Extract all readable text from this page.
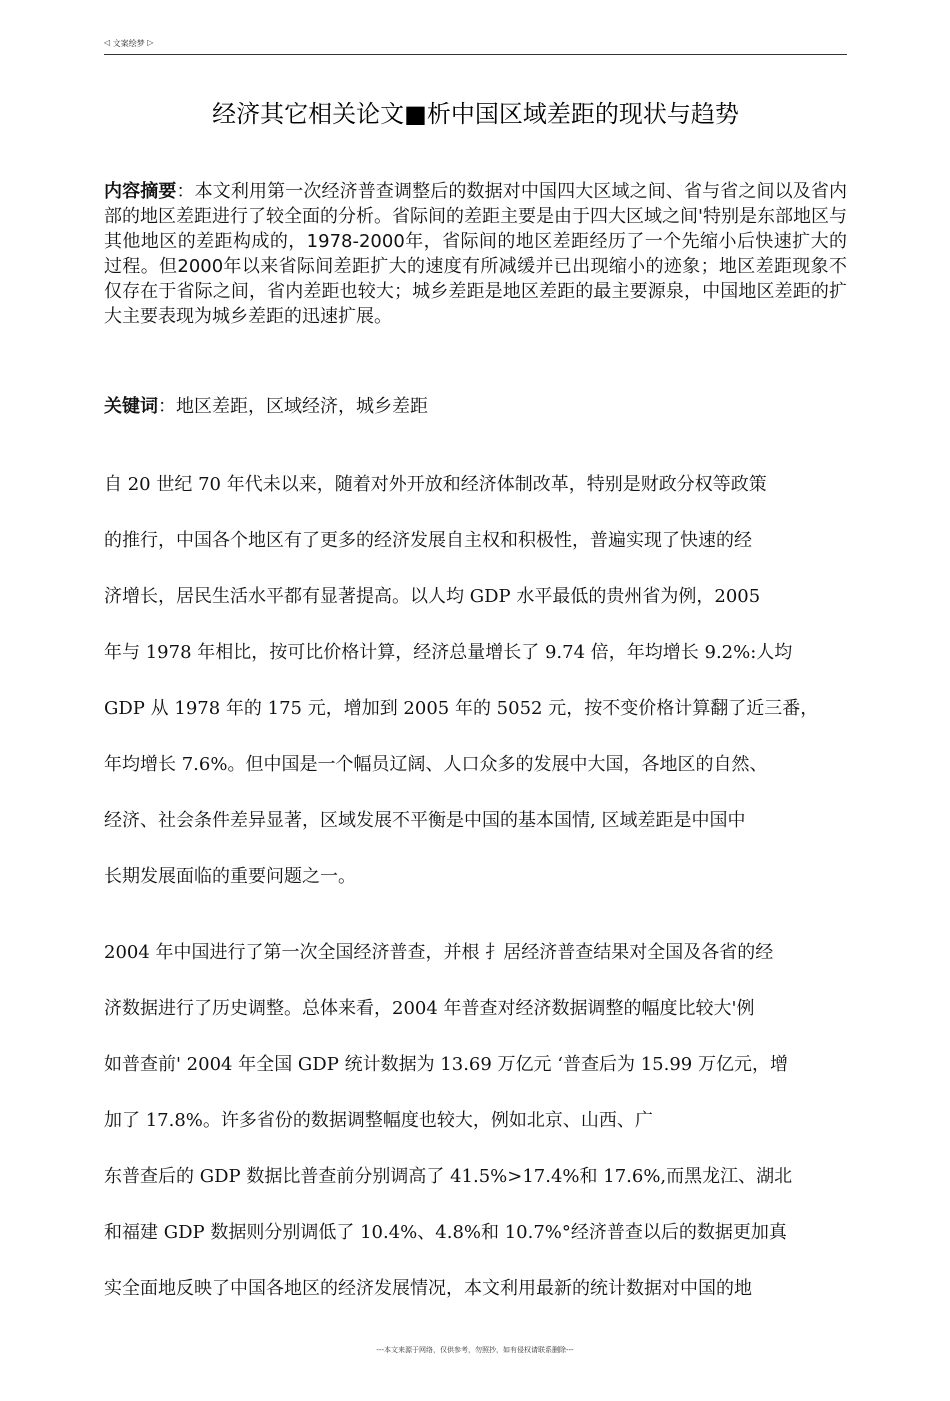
◁ 文案绘梦 ▷
经济其它相关论文■析中国区域差距的现状与趋势
内容摘要：本文利用第一次经济普查调整后的数据对中国四大区域之间、省与省之间以及省内部的地区差距进行了较全面的分析。省际间的差距主要是由于四大区域之间'特别是东部地区与其他地区的差距构成的，1978-2000年，省际间的地区差距经历了一个先缩小后快速扩大的过程。但2000年以来省际间差距扩大的速度有所减缓并已出现缩小的迹象；地区差距现象不仅存在于省际之间，省内差距也较大；城乡差距是地区差距的最主要源泉，中国地区差距的扩大主要表现为城乡差距的迅速扩展。
关键词：地区差距，区域经济，城乡差距
自 20 世纪 70 年代未以来，随着对外开放和经济体制改革，特别是财政分权等政策
的推行，中国各个地区有了更多的经济发展自主权和积极性，普遍实现了快速的经
济增长，居民生活水平都有显著提高。以人均 GDP 水平最低的贵州省为例，2005
年与 1978 年相比，按可比价格计算，经济总量增长了 9.74 倍，年均增长 9.2%:人均
GDP 从 1978 年的 175 元，增加到 2005 年的 5052 元，按不变价格计算翻了近三番，
年均增长 7.6%。但中国是一个幅员辽阔、人口众多的发展中大国，各地区的自然、
经济、社会条件差异显著，区域发展不平衡是中国的基本国情, 区域差距是中国中
长期发展面临的重要问题之一。
2004 年中国进行了第一次全国经济普查，并根 扌居经济普查结果对全国及各省的经
济数据进行了历史调整。总体来看，2004 年普查对经济数据调整的幅度比较大'例
如普查前' 2004 年全国 GDP 统计数据为 13.69 万亿元 ‘普查后为 15.99 万亿元，增
加了 17.8%。许多省份的数据调整幅度也较大，例如北京、山西、广
东普查后的 GDP 数据比普查前分别调高了 41.5%>17.4%和 17.6%,而黑龙江、湖北
和福建 GDP 数据则分别调低了 10.4%、4.8%和 10.7%°经济普查以后的数据更加真
实全面地反映了中国各地区的经济发展情况，本文利用最新的统计数据对中国的地
---本文来源于网络，仅供参考，勿照抄，如有侵权请联系删除---
